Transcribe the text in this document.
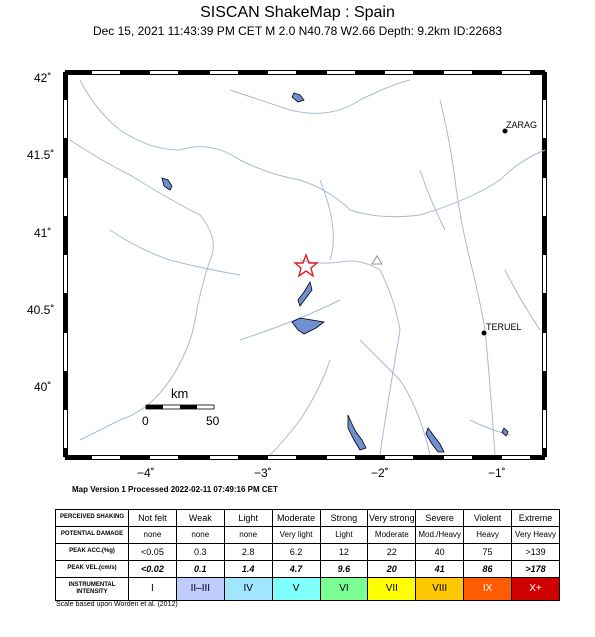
SISCAN ShakeMap : Spain
Dec 15, 2021 11:43:39 PM CET M 2.0 N40.78 W2.66 Depth: 9.2km ID:22683
ZARAG
TERUEL
km
0	50
42˚
41.5˚
41˚
40.5˚
40˚
−4˚	−3˚	−2˚	−1˚
Map Version 1 Processed 2022-02-11 07:49:16 PM CET
PERCEIVED SHAKING	Not felt	Weak	Light	Moderate	Strong	Very strong	Severe	Violent	Extreme
POTENTIAL DAMAGE	none	none	none	Very light	Light	Moderate	Mod./Heavy	Heavy	Very Heavy
PEAK ACC.(%g)	<0.05	0.3	2.8	6.2	12	22	40	75	>139
PEAK VEL.(cm/s)	<0.02	0.1	1.4	4.7	9.6	20	41	86	>178
INSTRUMENTAL INTENSITY	I	II–III	IV	V	VI	VII	VIII	IX	X+
Scale based upon Worden et al. (2012)
